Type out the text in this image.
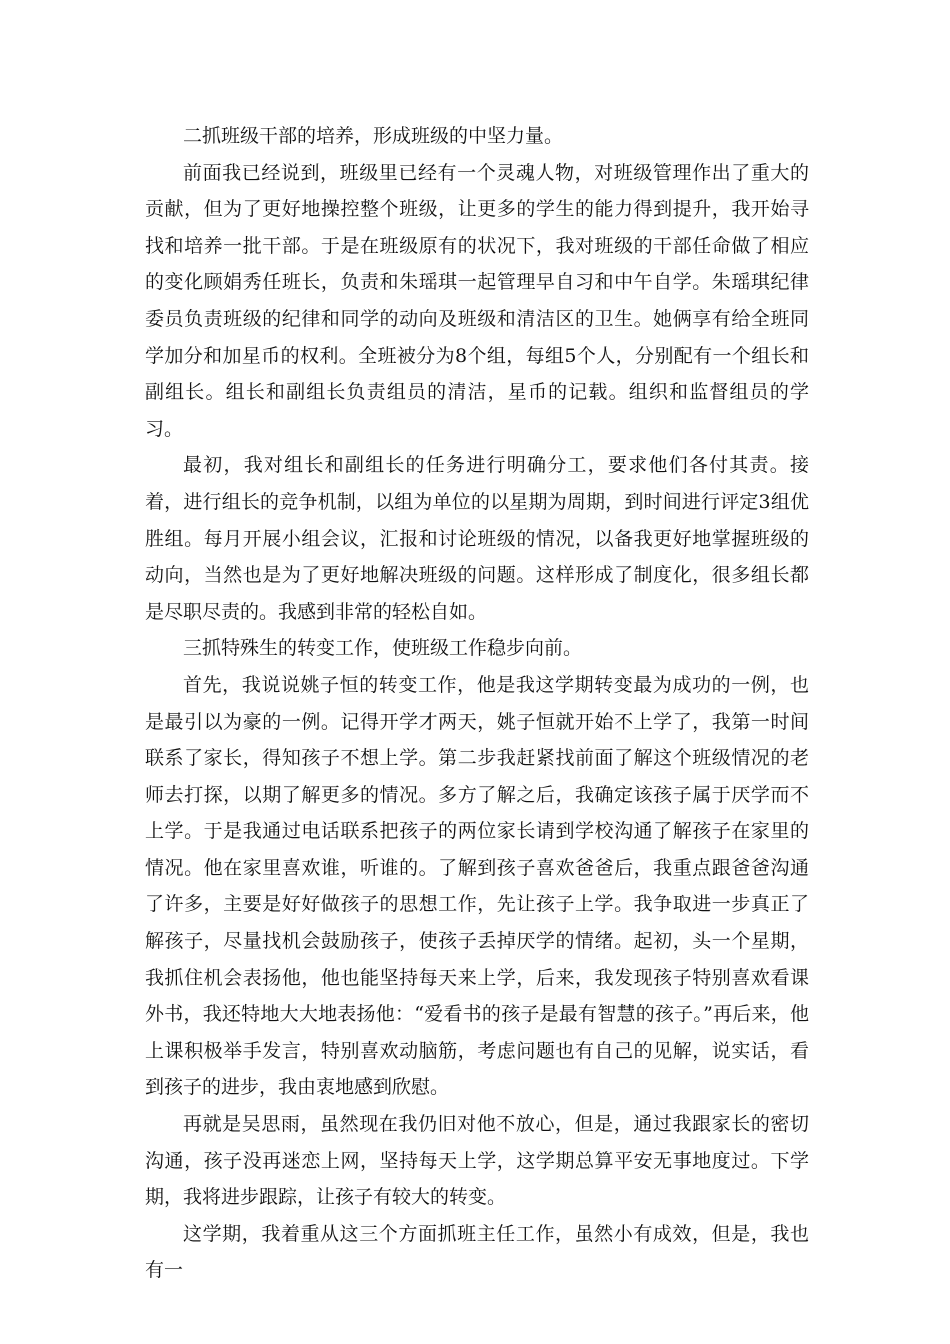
二抓班级干部的培养，形成班级的中坚力量。

前面我已经说到，班级里已经有一个灵魂人物，对班级管理作出了重大的贡献，但为了更好地操控整个班级，让更多的学生的能力得到提升，我开始寻找和培养一批干部。于是在班级原有的状况下，我对班级的干部任命做了相应的变化顾娟秀任班长，负责和朱瑶琪一起管理早自习和中午自学。朱瑶琪纪律委员负责班级的纪律和同学的动向及班级和清洁区的卫生。她俩享有给全班同学加分和加星币的权利。全班被分为8个组，每组5个人，分别配有一个组长和副组长。组长和副组长负责组员的清洁，星币的记载。组织和监督组员的学习。

最初，我对组长和副组长的任务进行明确分工，要求他们各付其责。接着，进行组长的竞争机制，以组为单位的以星期为周期，到时间进行评定3组优胜组。每月开展小组会议，汇报和讨论班级的情况，以备我更好地掌握班级的动向，当然也是为了更好地解决班级的问题。这样形成了制度化，很多组长都是尽职尽责的。我感到非常的轻松自如。

三抓特殊生的转变工作，使班级工作稳步向前。

首先，我说说姚子恒的转变工作，他是我这学期转变最为成功的一例，也是最引以为豪的一例。记得开学才两天，姚子恒就开始不上学了，我第一时间联系了家长，得知孩子不想上学。第二步我赶紧找前面了解这个班级情况的老师去打探，以期了解更多的情况。多方了解之后，我确定该孩子属于厌学而不上学。于是我通过电话联系把孩子的两位家长请到学校沟通了解孩子在家里的情况。他在家里喜欢谁，听谁的。了解到孩子喜欢爸爸后，我重点跟爸爸沟通了许多，主要是好好做孩子的思想工作，先让孩子上学。我争取进一步真正了解孩子，尽量找机会鼓励孩子，使孩子丢掉厌学的情绪。起初，头一个星期，我抓住机会表扬他，他也能坚持每天来上学，后来，我发现孩子特别喜欢看课外书，我还特地大大地表扬他：“爱看书的孩子是最有智慧的孩子。”再后来，他上课积极举手发言，特别喜欢动脑筋，考虑问题也有自己的见解，说实话，看到孩子的进步，我由衷地感到欣慰。

再就是吴思雨，虽然现在我仍旧对他不放心，但是，通过我跟家长的密切沟通，孩子没再迷恋上网，坚持每天上学，这学期总算平安无事地度过。下学期，我将进步跟踪，让孩子有较大的转变。

这学期，我着重从这三个方面抓班主任工作，虽然小有成效，但是，我也有一
